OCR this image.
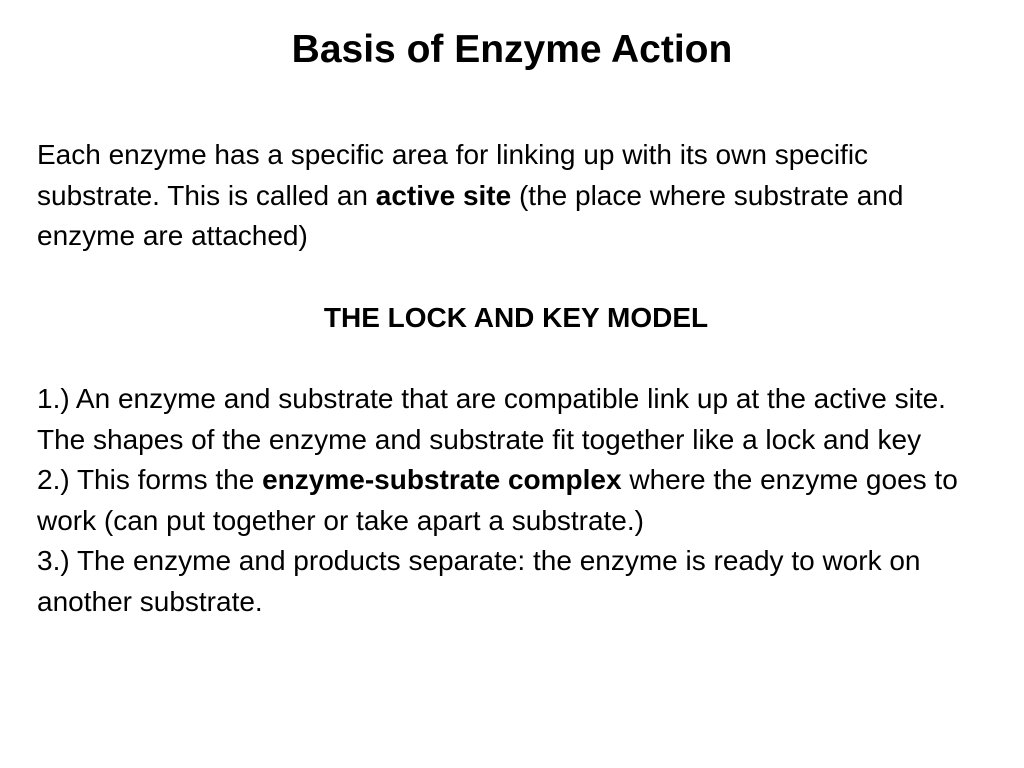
Basis of Enzyme Action

Each enzyme has a specific area for linking up with its own specific substrate. This is called an active site (the place where substrate and enzyme are attached)

THE LOCK AND KEY MODEL

1.) An enzyme and substrate that are compatible link up at the active site. The shapes of the enzyme and substrate fit together like a lock and key

2.) This forms the enzyme-substrate complex where the enzyme goes to work (can put together or take apart a substrate.)

3.) The enzyme and products separate: the enzyme is ready to work on another substrate.
